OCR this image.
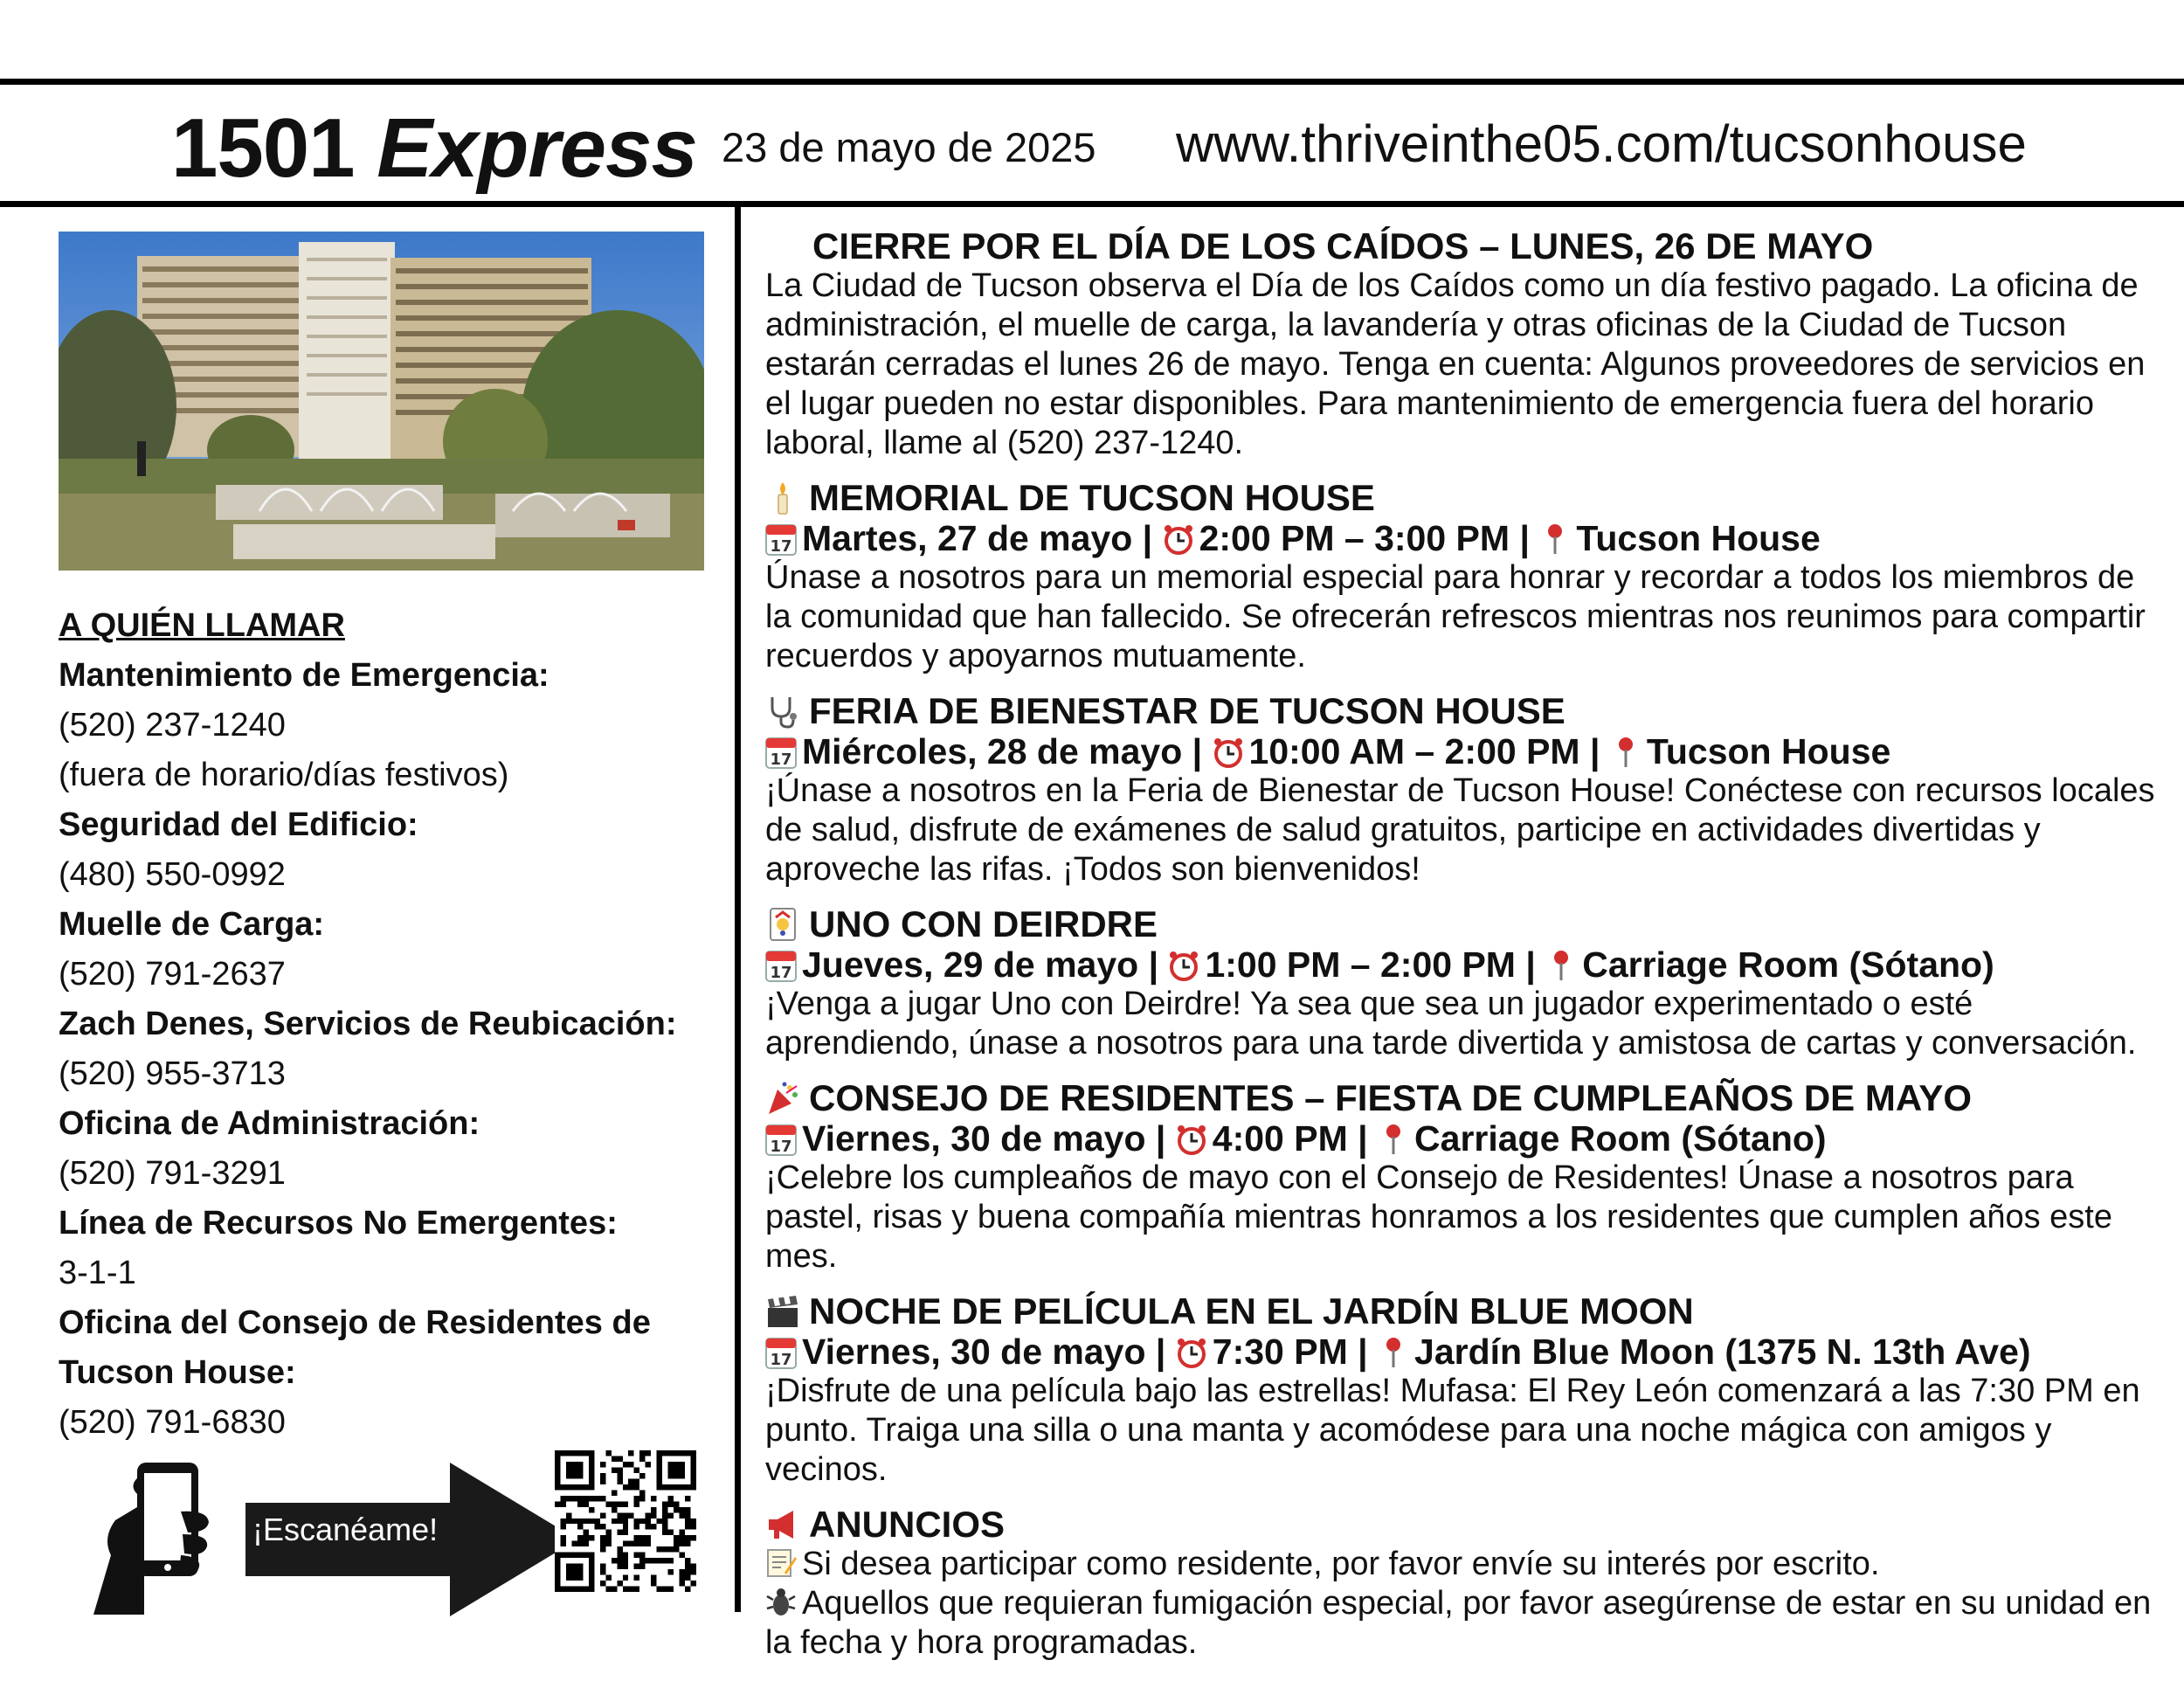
1501 Express 23 de mayo de 2025 www.thriveinthe05.com/tucsonhouse
A QUIÉN LLAMAR
Mantenimiento de Emergencia:
(520) 237-1240
(fuera de horario/días festivos)
Seguridad del Edificio:
(480) 550-0992
Muelle de Carga:
(520) 791-2637
Zach Denes, Servicios de Reubicación:
(520) 955-3713
Oficina de Administración:
(520) 791-3291
Línea de Recursos No Emergentes:
3-1-1
Oficina del Consejo de Residentes de Tucson House:
(520) 791-6830
¡Escanéame!
CIERRE POR EL DÍA DE LOS CAÍDOS – LUNES, 26 DE MAYO
La Ciudad de Tucson observa el Día de los Caídos como un día festivo pagado. La oficina de administración, el muelle de carga, la lavandería y otras oficinas de la Ciudad de Tucson estarán cerradas el lunes 26 de mayo. Tenga en cuenta: Algunos proveedores de servicios en el lugar pueden no estar disponibles. Para mantenimiento de emergencia fuera del horario laboral, llame al (520) 237-1240.
MEMORIAL DE TUCSON HOUSE
17 Martes, 27 de mayo | 2:00 PM – 3:00 PM | Tucson House
Únase a nosotros para un memorial especial para honrar y recordar a todos los miembros de la comunidad que han fallecido. Se ofrecerán refrescos mientras nos reunimos para compartir recuerdos y apoyarnos mutuamente.
FERIA DE BIENESTAR DE TUCSON HOUSE
17 Miércoles, 28 de mayo | 10:00 AM – 2:00 PM | Tucson House
¡Únase a nosotros en la Feria de Bienestar de Tucson House! Conéctese con recursos locales de salud, disfrute de exámenes de salud gratuitos, participe en actividades divertidas y aproveche las rifas. ¡Todos son bienvenidos!
UNO CON DEIRDRE
17 Jueves, 29 de mayo | 1:00 PM – 2:00 PM | Carriage Room (Sótano)
¡Venga a jugar Uno con Deirdre! Ya sea que sea un jugador experimentado o esté aprendiendo, únase a nosotros para una tarde divertida y amistosa de cartas y conversación.
CONSEJO DE RESIDENTES – FIESTA DE CUMPLEAÑOS DE MAYO
17 Viernes, 30 de mayo | 4:00 PM | Carriage Room (Sótano)
¡Celebre los cumpleaños de mayo con el Consejo de Residentes! Únase a nosotros para pastel, risas y buena compañía mientras honramos a los residentes que cumplen años este mes.
NOCHE DE PELÍCULA EN EL JARDÍN BLUE MOON
17 Viernes, 30 de mayo | 7:30 PM | Jardín Blue Moon (1375 N. 13th Ave)
¡Disfrute de una película bajo las estrellas! Mufasa: El Rey León comenzará a las 7:30 PM en punto. Traiga una silla o una manta y acomódese para una noche mágica con amigos y vecinos.
ANUNCIOS
Si desea participar como residente, por favor envíe su interés por escrito.
Aquellos que requieran fumigación especial, por favor asegúrense de estar en su unidad en la fecha y hora programadas.
